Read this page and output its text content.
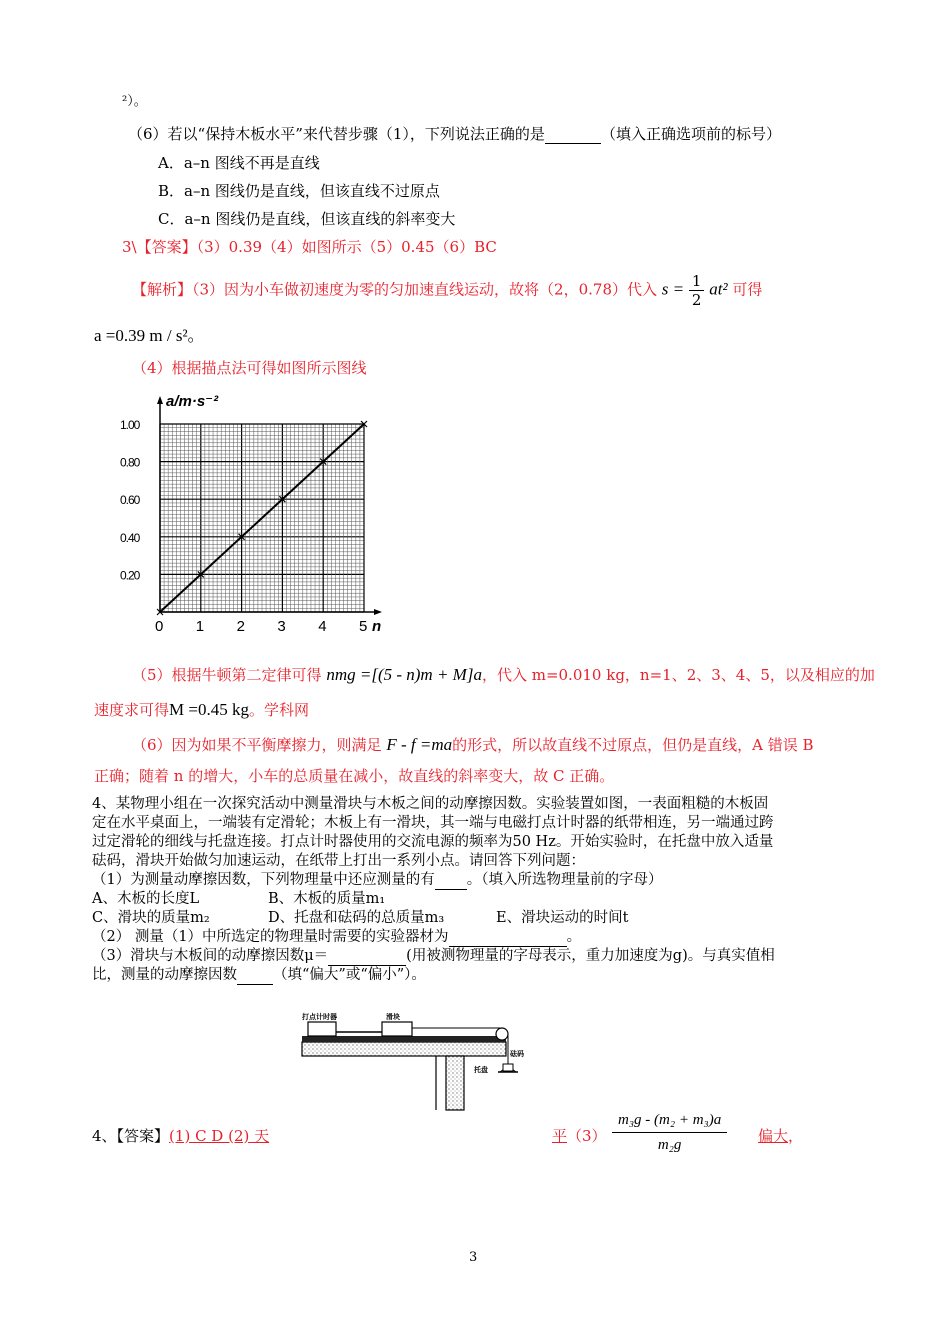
²）。
（6）若以“保持木板水平”来代替步骤（1），下列说法正确的是	（填入正确选项前的标号）
A．a–n 图线不再是直线
B．a–n 图线仍是直线，但该直线不过原点
C．a–n 图线仍是直线，但该直线的斜率变大
3\【答案】（3）0.39（4）如图所示（5）0.45（6）BC
【解析】（3）因为小车做初速度为零的匀加速直线运动，故将（2，0.78）代入 $s = \frac{1}{2} at^2$ 可得
a =0.39 m / s²。
（4）根据描点法可得如图所示图线
0 1 2 3 4 5
0.20
0.40
0.60
0.80
1.00
a/m·s⁻²
n
（5）根据牛顿第二定律可得 nmg =[(5 - n)m + M]a，代入 m=0.010 kg，n=1、2、3、4、5，以及相应的加
速度求可得M =0.45 kg。学科网
（6）因为如果不平衡摩擦力，则满足 F - f =ma的形式，所以故直线不过原点，但仍是直线，A 错误 B
正确；随着 n 的增大，小车的总质量在减小，故直线的斜率变大，故 C 正确。
4、某物理小组在一次探究活动中测量滑块与木板之间的动摩擦因数。实验装置如图，一表面粗糙的木板固
定在水平桌面上，一端装有定滑轮；木板上有一滑块，其一端与电磁打点计时器的纸带相连，另一端通过跨
过定滑轮的细线与托盘连接。打点计时器使用的交流电源的频率为50 Hz。开始实验时，在托盘中放入适量
砝码，滑块开始做匀加速运动，在纸带上打出一系列小点。请回答下列问题：
（1）为测量动摩擦因数，下列物理量中还应测量的有 。（填入所选物理量前的字母）
A、木板的长度L	B、木板的质量m₁
C、滑块的质量m₂	D、托盘和砝码的总质量m₃	E、滑块运动的时间t
（2） 测量（1）中所选定的物理量时需要的实验器材为	。
（3）滑块与木板间的动摩擦因数μ＝	(用被测物理量的字母表示，重力加速度为g)。与真实值相
比，测量的动摩擦因数 （填“偏大”或“偏小”）。
打点计时器	滑块
砝码
托盘
4、【答案】(1) C D (2) 天	平$(3) \frac{\text{m₃g - (m₂ + m₃)a}}{\text{m₂g}}$ 偏大，
3
